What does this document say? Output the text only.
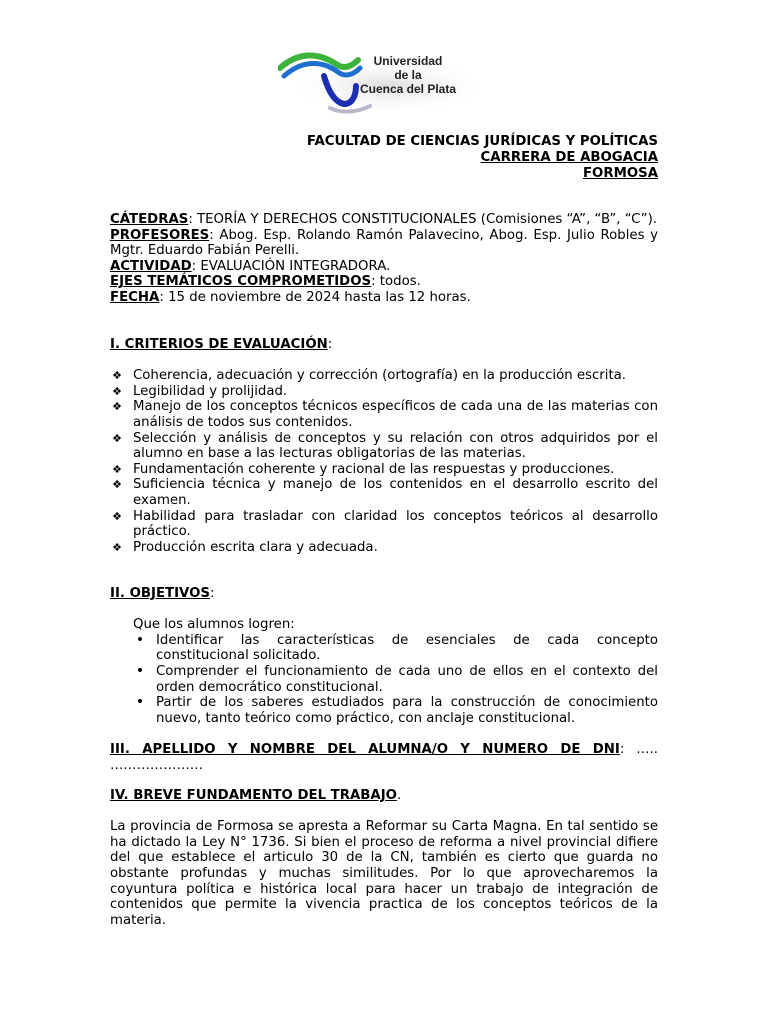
Universidad
de la
Cuenca del Plata
FACULTAD DE CIENCIAS JURÍDICAS Y POLÍTICAS
CARRERA DE ABOGACIA
FORMOSA

CÁTEDRAS: TEORÍA Y DERECHOS CONSTITUCIONALES (Comisiones “A”, “B”, “C”).

PROFESORES: Abog. Esp. Rolando Ramón Palavecino, Abog. Esp. Julio Robles y Mgtr. Eduardo Fabián Perelli.

ACTIVIDAD: EVALUACIÓN INTEGRADORA.

EJES TEMÁTICOS COMPROMETIDOS: todos.

FECHA: 15 de noviembre de 2024 hasta las 12 horas.

I. CRITERIOS DE EVALUACIÓN:

❖ Coherencia, adecuación y corrección (ortografía) en la producción escrita.
❖ Legibilidad y prolijidad.
❖ Manejo de los conceptos técnicos específicos de cada una de las materias con análisis de todos sus contenidos.
❖ Selección y análisis de conceptos y su relación con otros adquiridos por el alumno en base a las lecturas obligatorias de las materias.
❖ Fundamentación coherente y racional de las respuestas y producciones.
❖ Suficiencia técnica y manejo de los contenidos en el desarrollo escrito del examen.
❖ Habilidad para trasladar con claridad los conceptos teóricos al desarrollo práctico.
❖ Producción escrita clara y adecuada.

II. OBJETIVOS:

Que los alumnos logren:

• Identificar las características de esenciales de cada concepto constitucional solicitado.
• Comprender el funcionamiento de cada uno de ellos en el contexto del orden democrático constitucional.
• Partir de los saberes estudiados para la construcción de conocimiento nuevo, tanto teórico como práctico, con anclaje constitucional.

III. APELLIDO Y NOMBRE DEL ALUMNA/O Y NUMERO DE DNI: ….. …………………

IV. BREVE FUNDAMENTO DEL TRABAJO.

La provincia de Formosa se apresta a Reformar su Carta Magna. En tal sentido se ha dictado la Ley N° 1736. Si bien el proceso de reforma a nivel provincial difiere del que establece el articulo 30 de la CN, también es cierto que guarda no obstante profundas y muchas similitudes. Por lo que aprovecharemos la coyuntura política e histórica local para hacer un trabajo de integración de contenidos que permite la vivencia practica de los conceptos teóricos de la materia.
